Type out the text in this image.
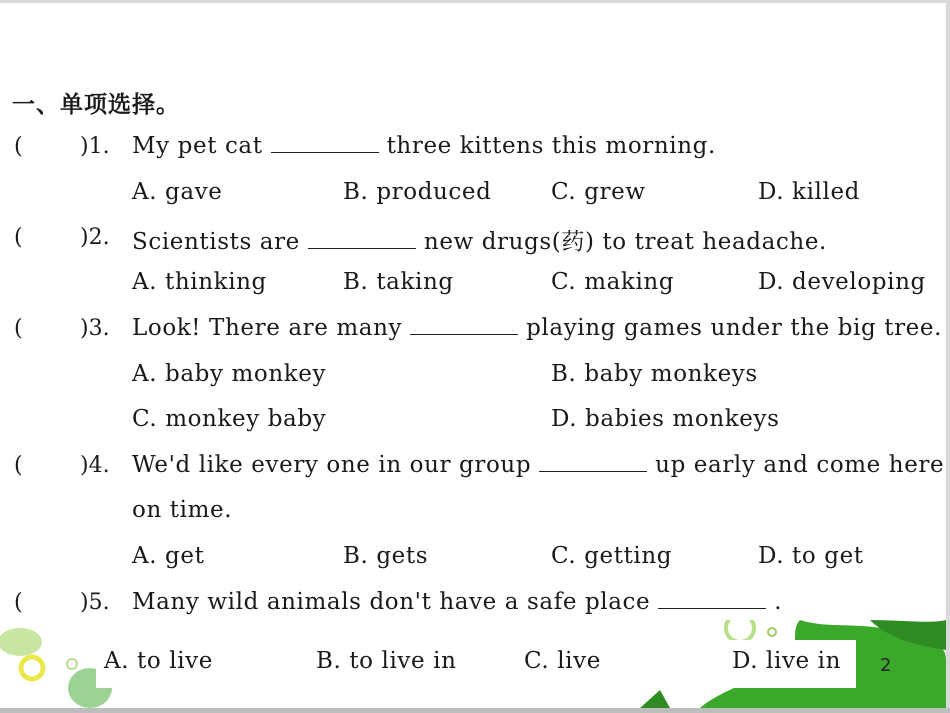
一、单项选择。
(	)1. My pet cat	three kittens this morning.
A. gave	B. produced	C. grew	D. killed
(	)2. Scientists are	new drugs(药) to treat headache.
A. thinking	B. taking	C. making	D. developing
(	)3. Look! There are many	playing games under the big tree.
A. baby monkey	B. baby monkeys
C. monkey baby	D. babies monkeys
(	)4. We'd like every one in our group	up early and come here
on time.
A. get	B. gets	C. getting	D. to get
(	)5. Many wild animals don't have a safe place	.
A. to live	B. to live in	C. live	D. live in 2
